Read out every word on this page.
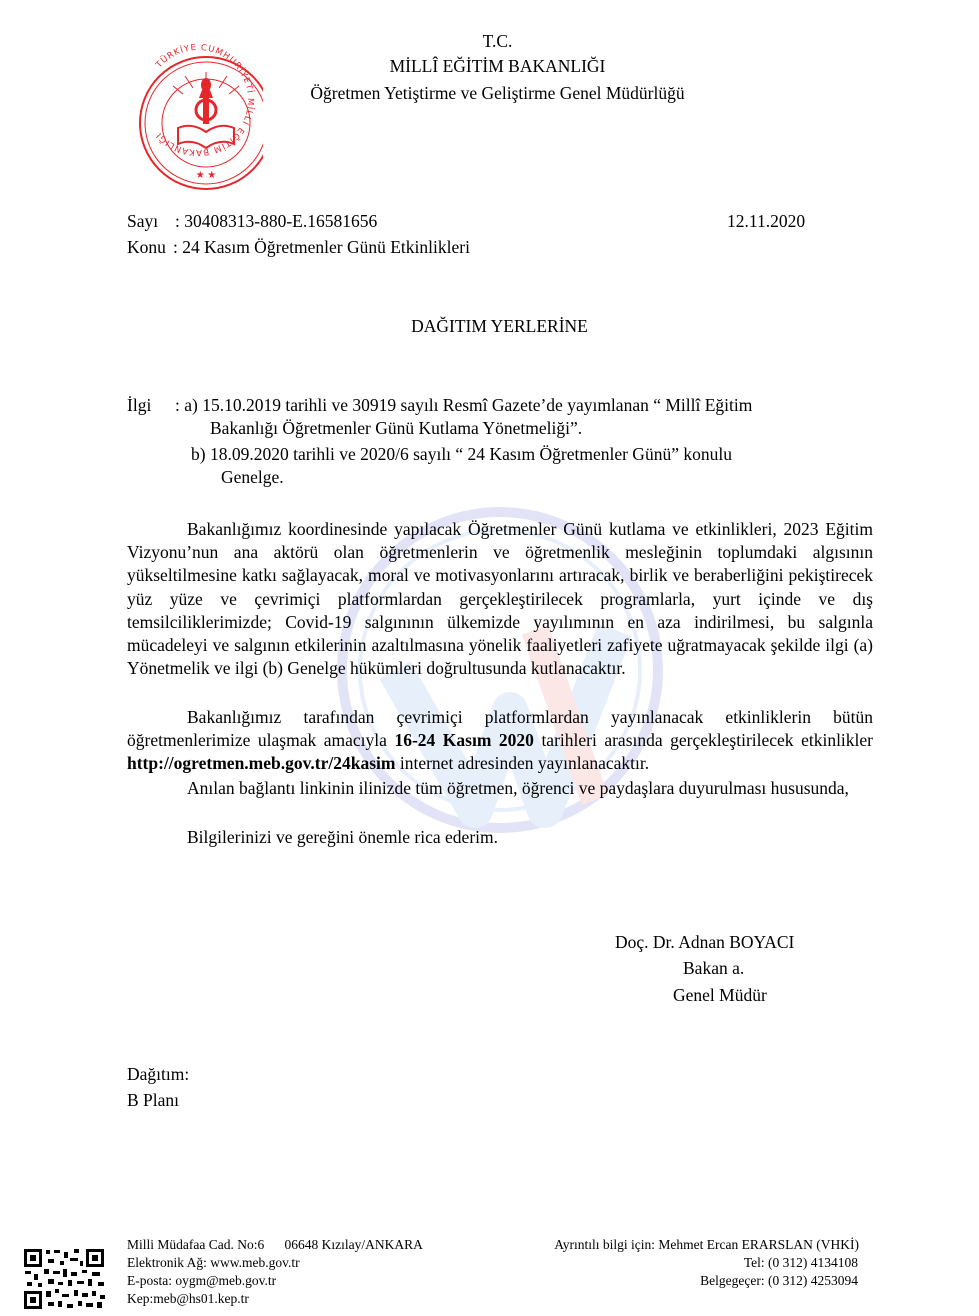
TÜRKİYE CUMHURİYETİ MİLLÎ EĞİTİM BAKANLIĞI
★ ★
T.C.
MİLLÎ EĞİTİM BAKANLIĞI
Öğretmen Yetiştirme ve Geliştirme Genel Müdürlüğü
Sayı : 30408313-880-E.16581656	12.11.2020
Konu : 24 Kasım Öğretmenler Günü Etkinlikleri
DAĞITIM YERLERİNE
İlgi : a) 15.10.2019 tarihli ve 30919 sayılı Resmî Gazete’de yayımlanan “ Millî Eğitim
Bakanlığı Öğretmenler Günü Kutlama Yönetmeliği”.
b) 18.09.2020 tarihli ve 2020/6 sayılı “ 24 Kasım Öğretmenler Günü” konulu
Genelge.
Bakanlığımız koordinesinde yapılacak Öğretmenler Günü kutlama ve etkinlikleri, 2023 Eğitim Vizyonu’nun ana aktörü olan öğretmenlerin ve öğretmenlik mesleğinin toplumdaki algısının yükseltilmesine katkı sağlayacak, moral ve motivasyonlarını artıracak, birlik ve beraberliğini pekiştirecek yüz yüze ve çevrimiçi platformlardan gerçekleştirilecek programlarla, yurt içinde ve dış temsilciliklerimizde; Covid-19 salgınının ülkemizde yayılımının en aza indirilmesi, bu salgınla mücadeleyi ve salgının etkilerinin azaltılmasına yönelik faaliyetleri zafiyete uğratmayacak şekilde ilgi (a) Yönetmelik ve ilgi (b) Genelge hükümleri doğrultusunda kutlanacaktır.
Bakanlığımız tarafından çevrimiçi platformlardan yayınlanacak etkinliklerin bütün öğretmenlerimize ulaşmak amacıyla 16-24 Kasım 2020 tarihleri arasında gerçekleştirilecek etkinlikler http://ogretmen.meb.gov.tr/24kasim internet adresinden yayınlanacaktır.
Anılan bağlantı linkinin ilinizde tüm öğretmen, öğrenci ve paydaşlara duyurulması hususunda,
Bilgilerinizi ve gereğini önemle rica ederim.
Doç. Dr. Adnan BOYACI
Bakan a.
Genel Müdür
Dağıtım:
B Planı
Milli Müdafaa Cad. No:6      06648 Kızılay/ANKARA
Elektronik Ağ: www.meb.gov.tr
E-posta: oygm@meb.gov.tr
Kep:meb@hs01.kep.tr
Ayrıntılı bilgi için: Mehmet Ercan ERARSLAN (VHKİ)
Tel: (0 312) 4134108
Belgegeçer: (0 312) 4253094
